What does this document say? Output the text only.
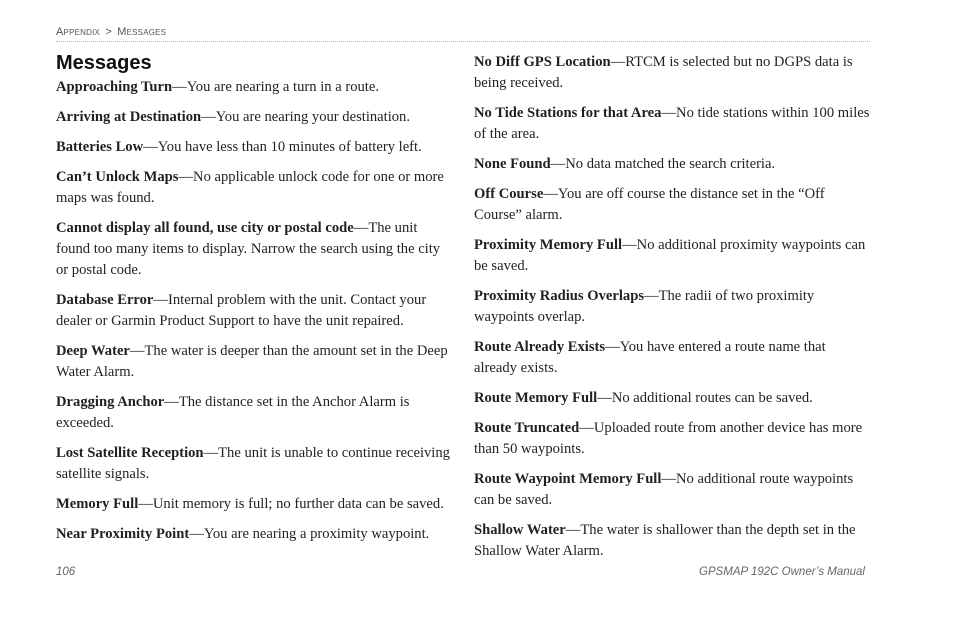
Appendix > Messages
Messages

Approaching Turn—You are nearing a turn in a route.

Arriving at Destination—You are nearing your destination.

Batteries Low—You have less than 10 minutes of battery left.

Can’t Unlock Maps—No applicable unlock code for one or more maps was found.

Cannot display all found, use city or postal code—The unit found too many items to display. Narrow the search using the city or postal code.

Database Error—Internal problem with the unit. Contact your dealer or Garmin Product Support to have the unit repaired.

Deep Water—The water is deeper than the amount set in the Deep Water Alarm.

Dragging Anchor—The distance set in the Anchor Alarm is exceeded.

Lost Satellite Reception—The unit is unable to continue receiving satellite signals.

Memory Full—Unit memory is full; no further data can be saved.

Near Proximity Point—You are nearing a proximity waypoint.

No Diff GPS Location—RTCM is selected but no DGPS data is being received.

No Tide Stations for that Area—No tide stations within 100 miles of the area.

None Found—No data matched the search criteria.

Off Course—You are off course the distance set in the “Off Course” alarm.

Proximity Memory Full—No additional proximity waypoints can be saved.

Proximity Radius Overlaps—The radii of two proximity waypoints overlap.

Route Already Exists—You have entered a route name that already exists.

Route Memory Full—No additional routes can be saved.

Route Truncated—Uploaded route from another device has more than 50 waypoints.

Route Waypoint Memory Full—No additional route waypoints can be saved.

Shallow Water—The water is shallower than the depth set in the Shallow Water Alarm.

106	GPSMAP 192C Owner’s Manual
